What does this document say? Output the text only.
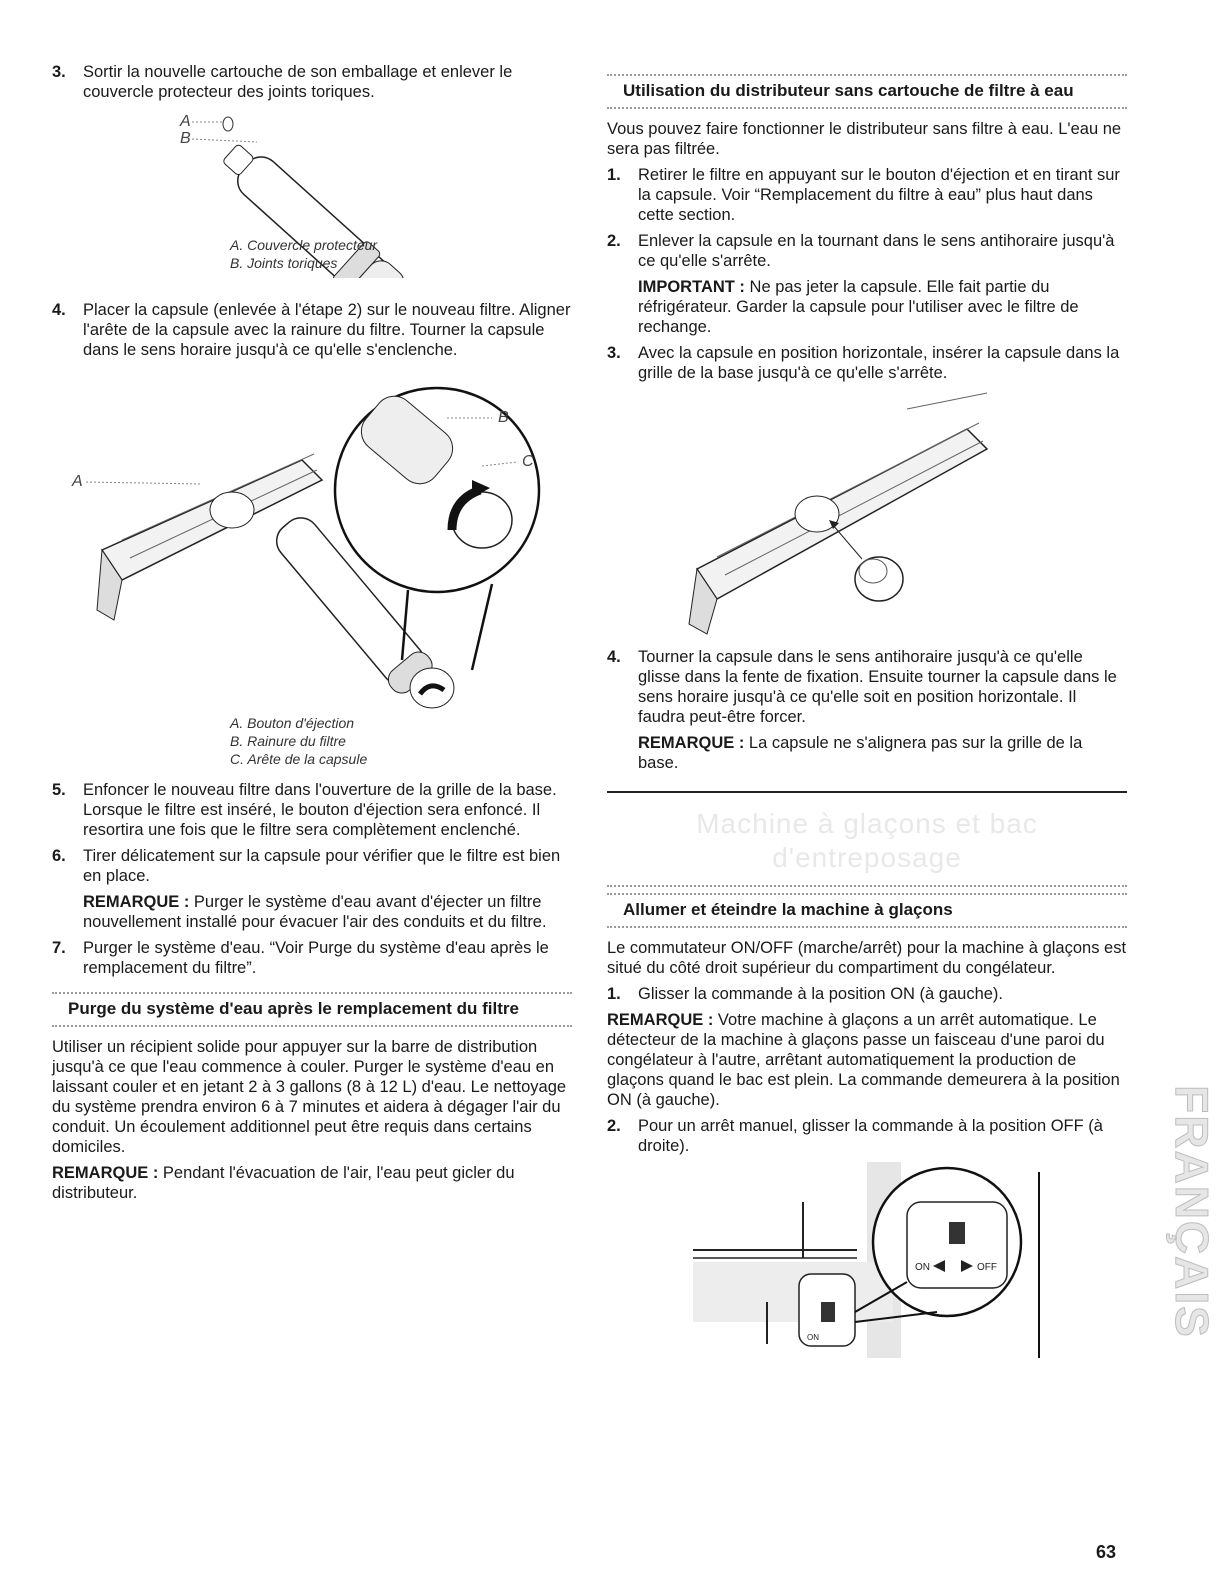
3. Sortir la nouvelle cartouche de son emballage et enlever le couvercle protecteur des joints toriques.

A
B
A. Couvercle protecteur
B. Joints toriques

4. Placer la capsule (enlevée à l'étape 2) sur le nouveau filtre. Aligner l'arête de la capsule avec la rainure du filtre. Tourner la capsule dans le sens horaire jusqu'à ce qu'elle s'enclenche.

A
B
C
A. Bouton d'éjection
B. Rainure du filtre
C. Arête de la capsule

5. Enfoncer le nouveau filtre dans l'ouverture de la grille de la base. Lorsque le filtre est inséré, le bouton d'éjection sera enfoncé. Il resortira une fois que le filtre sera complètement enclenché.

6. Tirer délicatement sur la capsule pour vérifier que le filtre est bien en place.

REMARQUE : Purger le système d'eau avant d'éjecter un filtre nouvellement installé pour évacuer l'air des conduits et du filtre.

7. Purger le système d'eau. “Voir Purge du système d'eau après le remplacement du filtre”.

Purge du système d'eau après le remplacement du filtre

Utiliser un récipient solide pour appuyer sur la barre de distribution jusqu'à ce que l'eau commence à couler. Purger le système d'eau en laissant couler et en jetant 2 à 3 gallons (8 à 12 L) d'eau. Le nettoyage du système prendra environ 6 à 7 minutes et aidera à dégager l'air du conduit. Un écoulement additionnel peut être requis dans certains domiciles.

REMARQUE : Pendant l'évacuation de l'air, l'eau peut gicler du distributeur.

Utilisation du distributeur sans cartouche de filtre à eau

Vous pouvez faire fonctionner le distributeur sans filtre à eau. L'eau ne sera pas filtrée.

1. Retirer le filtre en appuyant sur le bouton d'éjection et en tirant sur la capsule. Voir “Remplacement du filtre à eau” plus haut dans cette section.

2. Enlever la capsule en la tournant dans le sens antihoraire jusqu'à ce qu'elle s'arrête.

IMPORTANT : Ne pas jeter la capsule. Elle fait partie du réfrigérateur. Garder la capsule pour l'utiliser avec le filtre de rechange.

3. Avec la capsule en position horizontale, insérer la capsule dans la grille de la base jusqu'à ce qu'elle s'arrête.

4. Tourner la capsule dans le sens antihoraire jusqu'à ce qu'elle glisse dans la fente de fixation. Ensuite tourner la capsule dans le sens horaire jusqu'à ce qu'elle soit en position horizontale. Il faudra peut-être forcer.

REMARQUE : La capsule ne s'alignera pas sur la grille de la base.

Machine à glaçons et bac d'entreposage
Allumer et éteindre la machine à glaçons

Le commutateur ON/OFF (marche/arrêt) pour la machine à glaçons est situé du côté droit supérieur du compartiment du congélateur.

1. Glisser la commande à la position ON (à gauche).

REMARQUE : Votre machine à glaçons a un arrêt automatique. Le détecteur de la machine à glaçons passe un faisceau d'une paroi du congélateur à l'autre, arrêtant automatiquement la production de glaçons quand le bac est plein. La commande demeurera à la position ON (à gauche).

2. Pour un arrêt manuel, glisser la commande à la position OFF (à droite).

ON
ON	OFF	FRANÇAIS
63
